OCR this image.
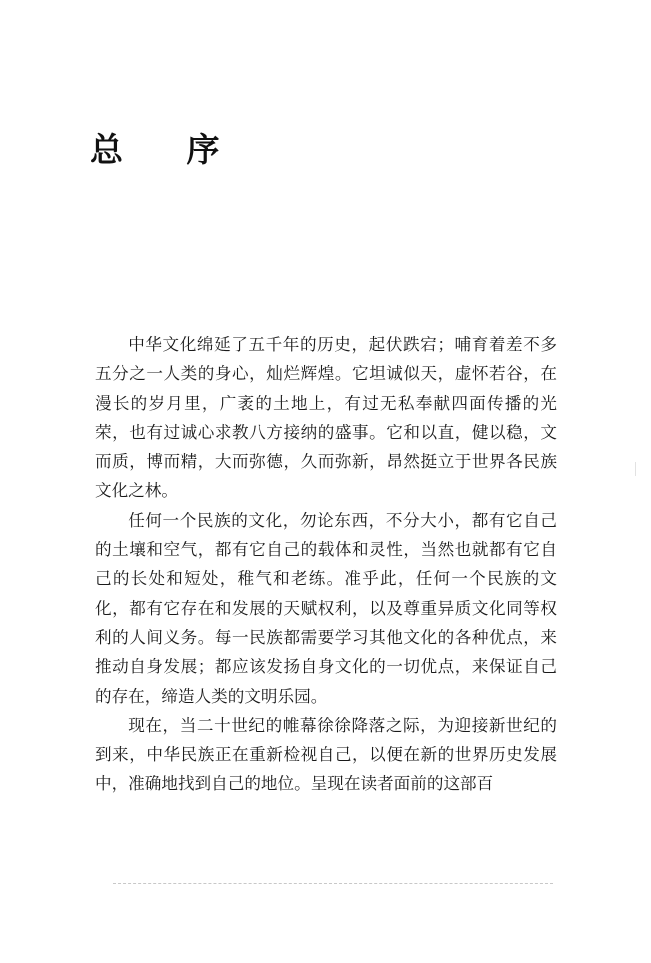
总 序

中华文化绵延了五千年的历史，起伏跌宕；哺育着差不多五分之一人类的身心，灿烂辉煌。它坦诚似天，虚怀若谷，在漫长的岁月里，广袤的土地上，有过无私奉献四面传播的光荣，也有过诚心求教八方接纳的盛事。它和以直，健以稳，文而质，博而精，大而弥德，久而弥新，昂然挺立于世界各民族文化之林。

任何一个民族的文化，勿论东西，不分大小，都有它自己的土壤和空气，都有它自己的载体和灵性，当然也就都有它自己的长处和短处，稚气和老练。准乎此，任何一个民族的文化，都有它存在和发展的天赋权利，以及尊重异质文化同等权利的人间义务。每一民族都需要学习其他文化的各种优点，来推动自身发展；都应该发扬自身文化的一切优点，来保证自己的存在，缔造人类的文明乐园。

现在，当二十世纪的帷幕徐徐降落之际，为迎接新世纪的到来，中华民族正在重新检视自己，以便在新的世界历史发展中，准确地找到自己的地位。呈现在读者面前的这部百
